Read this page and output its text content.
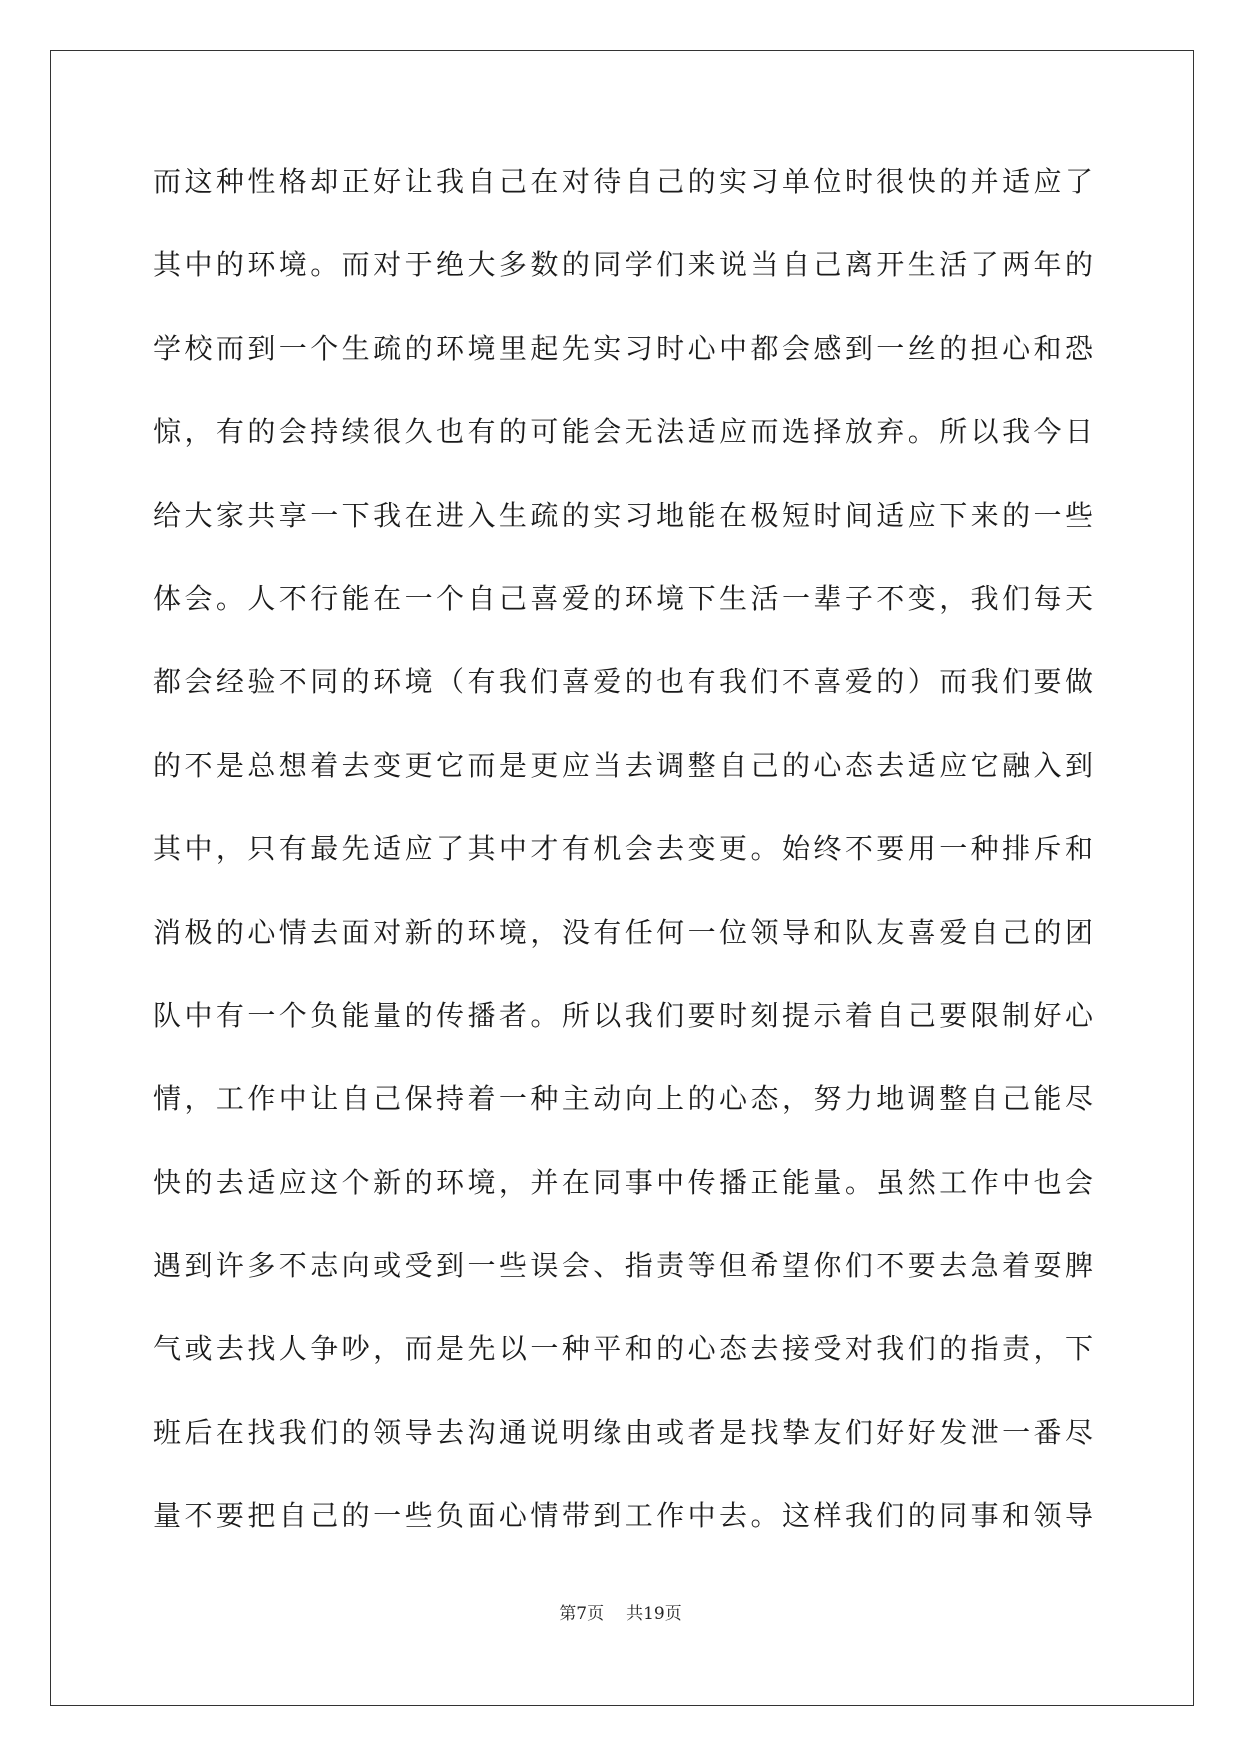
而这种性格却正好让我自己在对待自己的实习单位时很快的并适应了
其中的环境。而对于绝大多数的同学们来说当自己离开生活了两年的
学校而到一个生疏的环境里起先实习时心中都会感到一丝的担心和恐
惊，有的会持续很久也有的可能会无法适应而选择放弃。所以我今日
给大家共享一下我在进入生疏的实习地能在极短时间适应下来的一些
体会。人不行能在一个自己喜爱的环境下生活一辈子不变，我们每天
都会经验不同的环境（有我们喜爱的也有我们不喜爱的）而我们要做
的不是总想着去变更它而是更应当去调整自己的心态去适应它融入到
其中，只有最先适应了其中才有机会去变更。始终不要用一种排斥和
消极的心情去面对新的环境，没有任何一位领导和队友喜爱自己的团
队中有一个负能量的传播者。所以我们要时刻提示着自己要限制好心
情，工作中让自己保持着一种主动向上的心态，努力地调整自己能尽
快的去适应这个新的环境，并在同事中传播正能量。虽然工作中也会
遇到许多不志向或受到一些误会、指责等但希望你们不要去急着耍脾
气或去找人争吵，而是先以一种平和的心态去接受对我们的指责，下
班后在找我们的领导去沟通说明缘由或者是找挚友们好好发泄一番尽
量不要把自己的一些负面心情带到工作中去。这样我们的同事和领导
第7页 共19页
